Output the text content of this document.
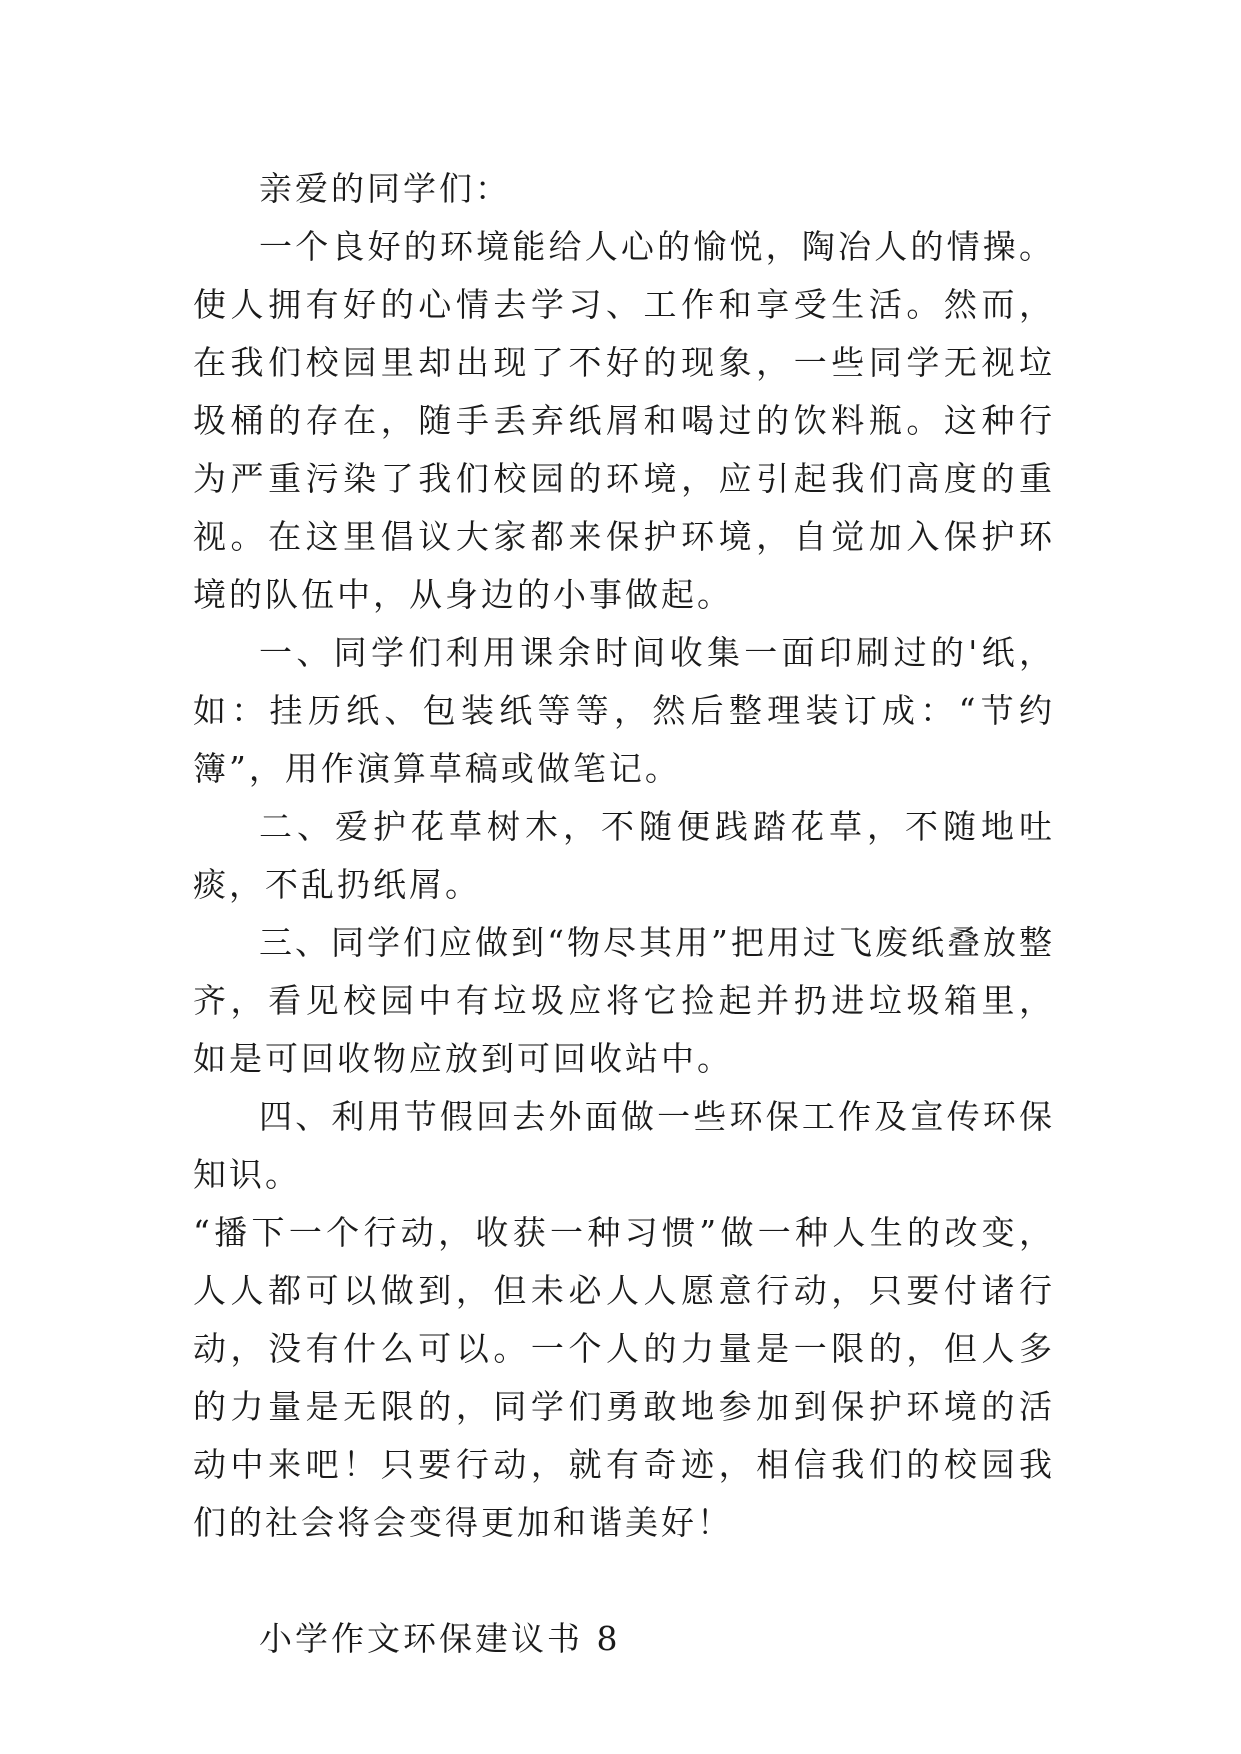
亲爱的同学们：

一个良好的环境能给人心的愉悦，陶冶人的情操。使人拥有好的心情去学习、工作和享受生活。然而，在我们校园里却出现了不好的现象，一些同学无视垃圾桶的存在，随手丢弃纸屑和喝过的饮料瓶。这种行为严重污染了我们校园的环境，应引起我们高度的重视。在这里倡议大家都来保护环境，自觉加入保护环境的队伍中，从身边的小事做起。

一、同学们利用课余时间收集一面印刷过的'纸，如：挂历纸、包装纸等等，然后整理装订成：“节约簿”，用作演算草稿或做笔记。

二、爱护花草树木，不随便践踏花草，不随地吐痰，不乱扔纸屑。

三、同学们应做到“物尽其用”把用过飞废纸叠放整齐，看见校园中有垃圾应将它捡起并扔进垃圾箱里，如是可回收物应放到可回收站中。

四、利用节假回去外面做一些环保工作及宣传环保知识。

“播下一个行动，收获一种习惯”做一种人生的改变，人人都可以做到，但未必人人愿意行动，只要付诸行动，没有什么可以。一个人的力量是一限的，但人多的力量是无限的，同学们勇敢地参加到保护环境的活动中来吧！只要行动，就有奇迹，相信我们的校园我们的社会将会变得更加和谐美好！

小学作文环保建议书 8
